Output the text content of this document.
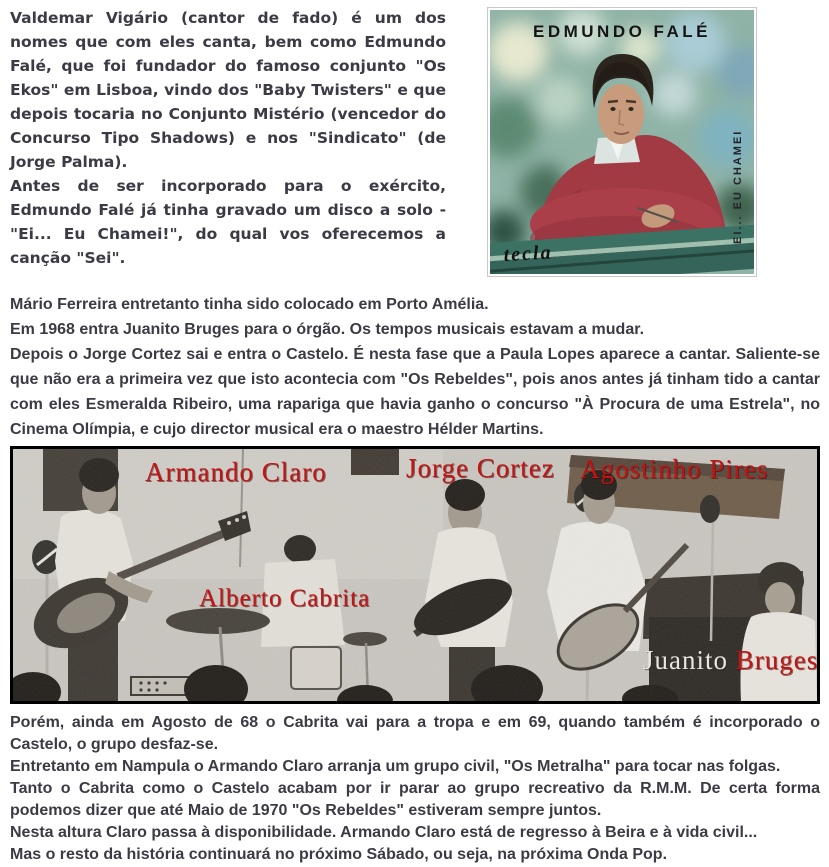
Valdemar Vigário (cantor de fado) é um dos nomes que com eles canta, bem como Edmundo Falé, que foi fundador do famoso conjunto "Os Ekos" em Lisboa, vindo dos "Baby Twisters" e que depois tocaria no Conjunto Mistério (vencedor do Concurso Tipo Shadows) e nos "Sindicato" (de Jorge Palma).

Antes de ser incorporado para o exército, Edmundo Falé já tinha gravado um disco a solo - "Ei... Eu Chamei!", do qual vos oferecemos a canção "Sei".

EDMUNDO FALÉ
EI... EU CHAMEI
tecla

Mário Ferreira entretanto tinha sido colocado em Porto Amélia.

Em 1968 entra Juanito Bruges para o órgão. Os tempos musicais estavam a mudar.

Depois o Jorge Cortez sai e entra o Castelo. É nesta fase que a Paula Lopes aparece a cantar. Saliente-se que não era a primeira vez que isto acontecia com "Os Rebeldes", pois anos antes já tinham tido a cantar com eles Esmeralda Ribeiro, uma rapariga que havia ganho o concurso "À Procura de uma Estrela", no Cinema Olímpia, e cujo director musical era o maestro Hélder Martins.

Armando Claro	Jorge Cortez Agostinho Pires
Alberto Cabrita
Juanito Bruges

Porém, ainda em Agosto de 68 o Cabrita vai para a tropa e em 69, quando também é incorporado o Castelo, o grupo desfaz-se.

Entretanto em Nampula o Armando Claro arranja um grupo civil, "Os Metralha" para tocar nas folgas.

Tanto o Cabrita como o Castelo acabam por ir parar ao grupo recreativo da R.M.M. De certa forma podemos dizer que até Maio de 1970 "Os Rebeldes" estiveram sempre juntos.

Nesta altura Claro passa à disponibilidade. Armando Claro está de regresso à Beira e à vida civil...

Mas o resto da história continuará no próximo Sábado, ou seja, na próxima Onda Pop.
